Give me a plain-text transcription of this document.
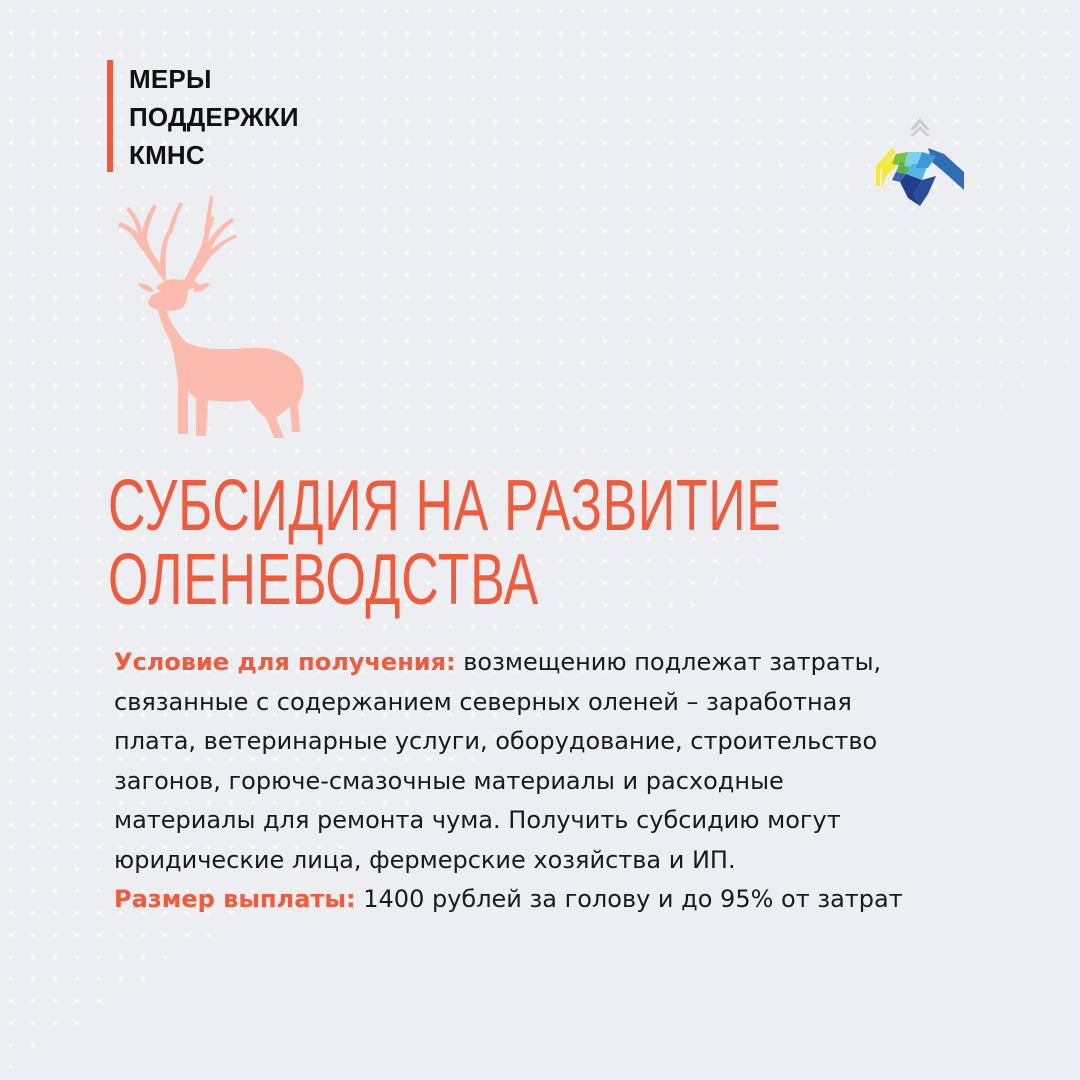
МЕРЫ
ПОДДЕРЖКИ
КМНС
СУБСИДИЯ НА РАЗВИТИЕ
ОЛЕНЕВОДСТВА
Условие для получения: возмещению подлежат затраты,
связанные с содержанием северных оленей – заработная
плата, ветеринарные услуги, оборудование, строительство
загонов, горюче-смазочные материалы и расходные
материалы для ремонта чума. Получить субсидию могут
юридические лица, фермерские хозяйства и ИП.
Размер выплаты: 1400 рублей за голову и до 95% от затрат
